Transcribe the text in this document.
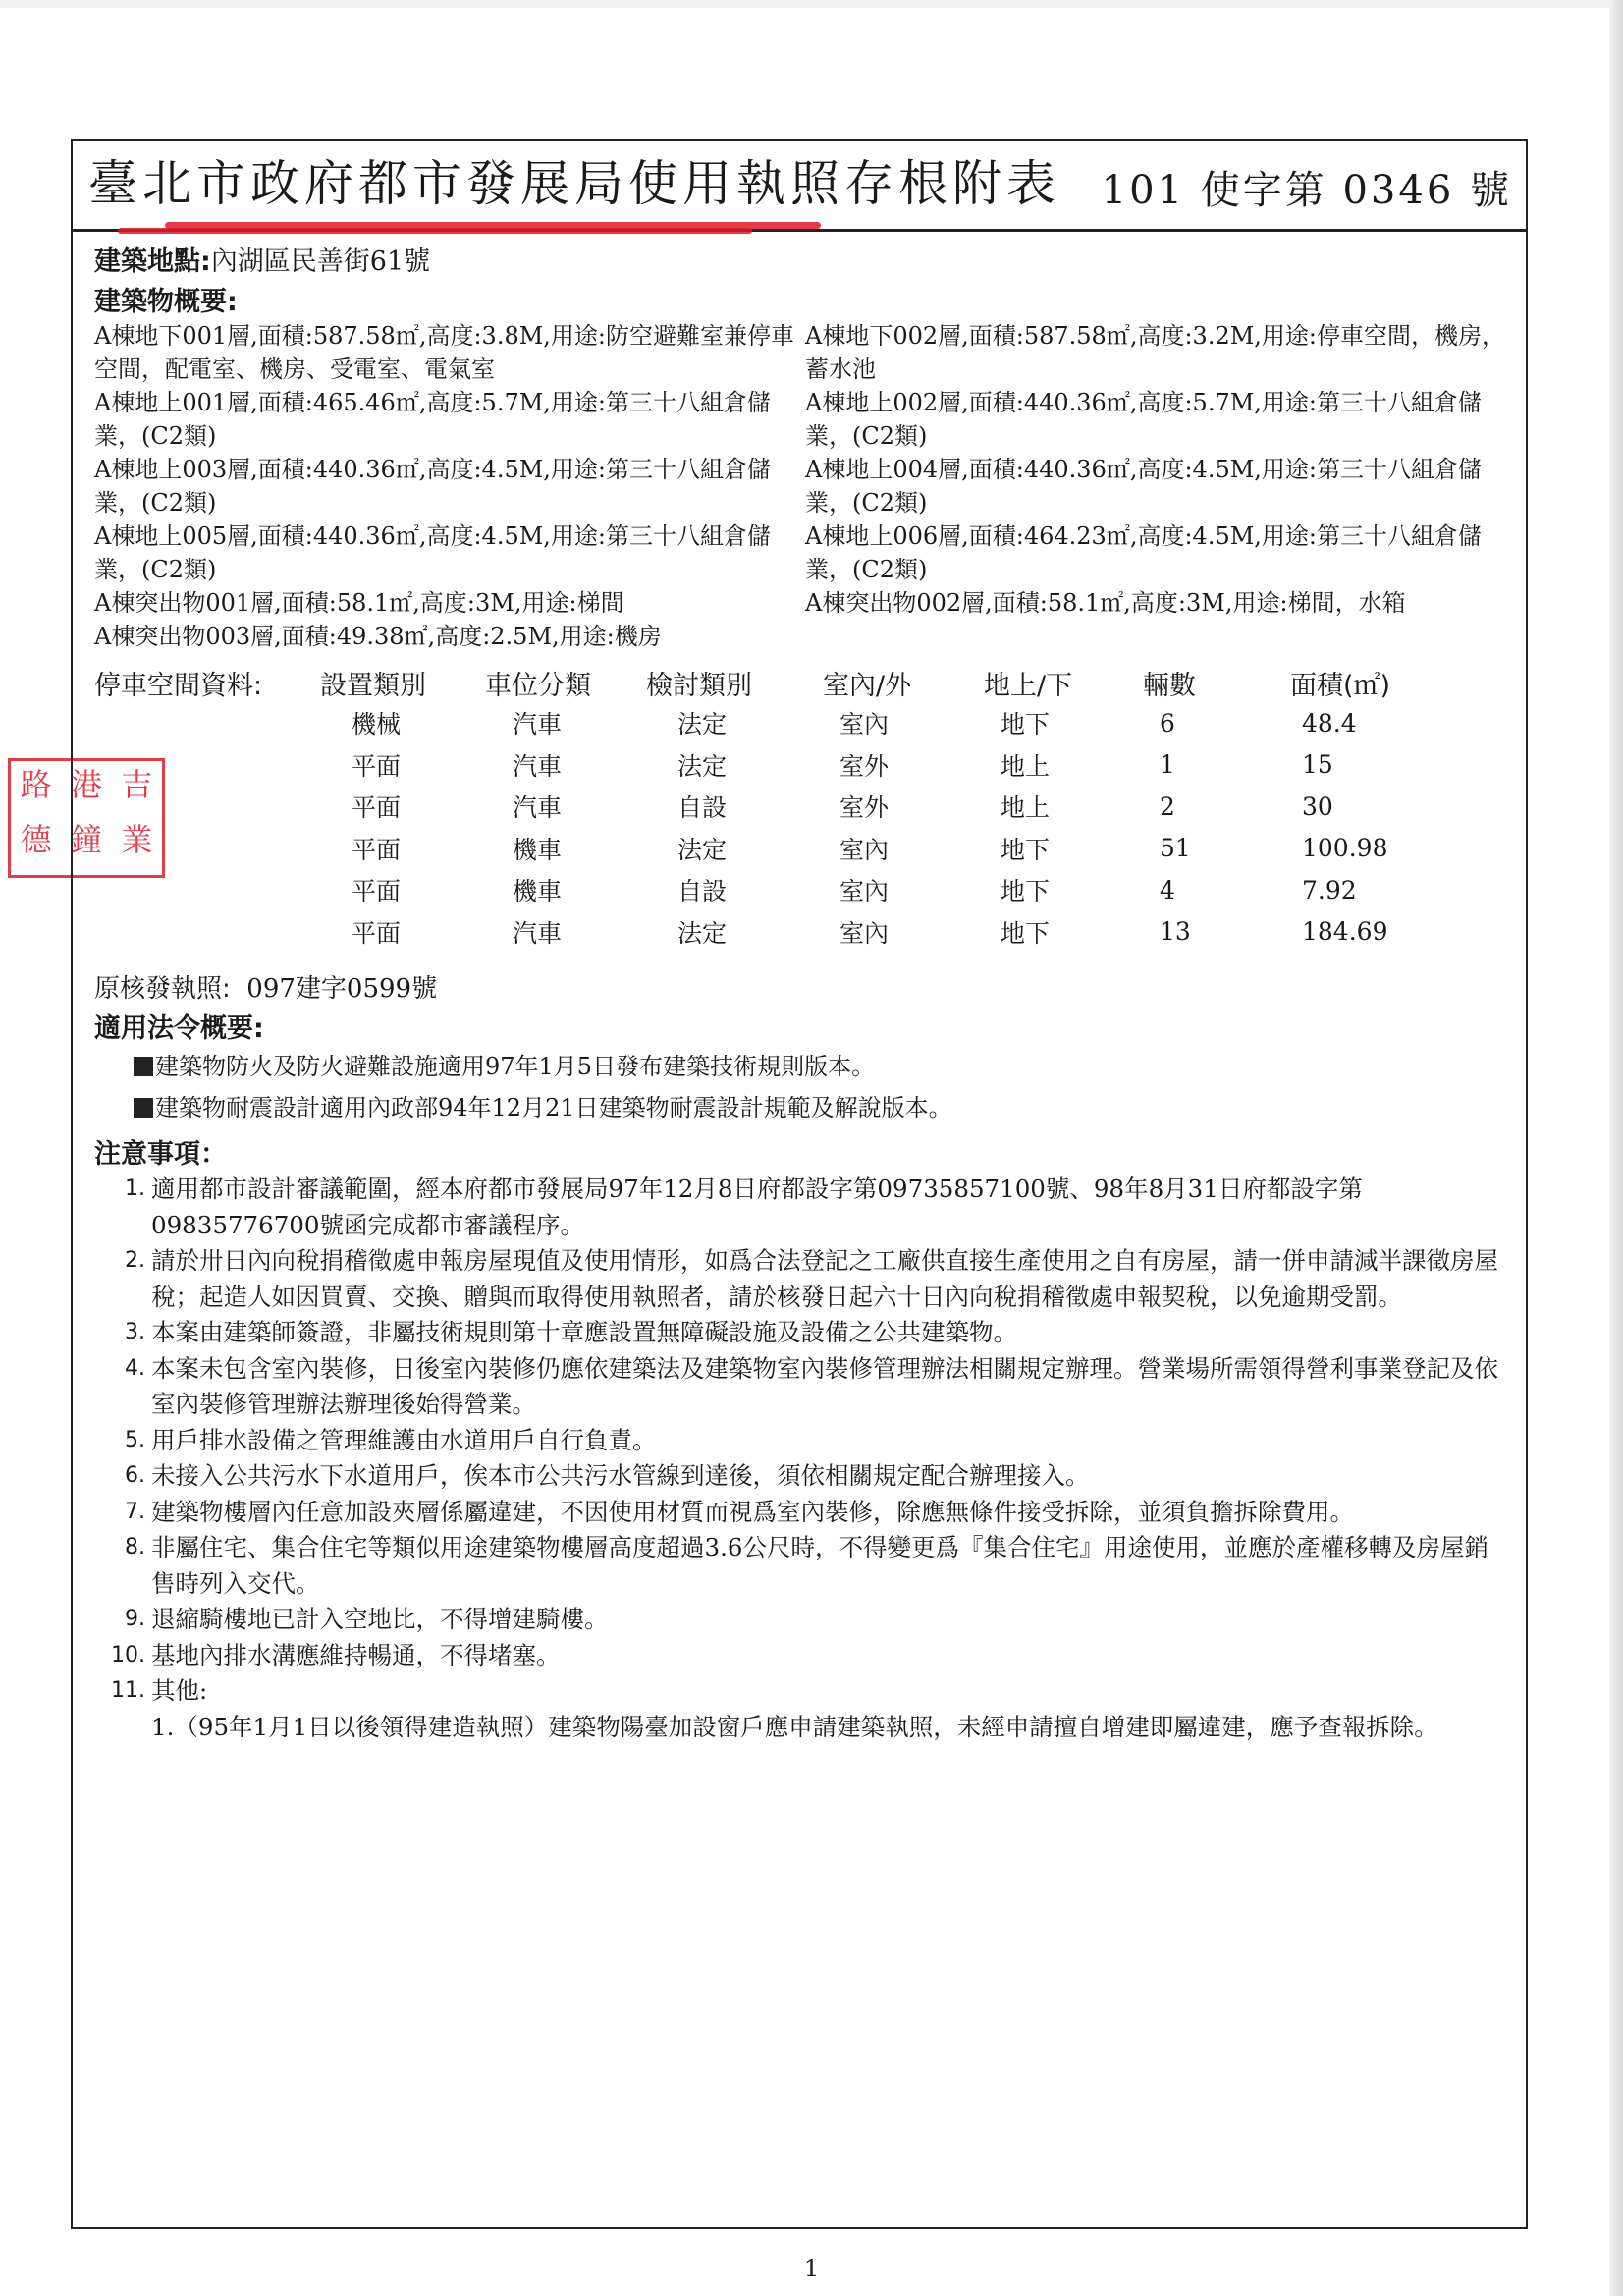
路 港 吉
德 鐘 業
臺北市政府都市發展局使用執照存根附表 101 使字第 0346 號
建築地點:內湖區民善街61號
建築物概要:
A棟地下001層,面積:587.58㎡,高度:3.8M,用途:防空避難室兼停車空間，配電室、機房、受電室、電氣室
A棟地下002層,面積:587.58㎡,高度:3.2M,用途:停車空間，機房，蓄水池
A棟地上001層,面積:465.46㎡,高度:5.7M,用途:第三十八組倉儲業，(C2類)
A棟地上002層,面積:440.36㎡,高度:5.7M,用途:第三十八組倉儲業，(C2類)
A棟地上003層,面積:440.36㎡,高度:4.5M,用途:第三十八組倉儲業，(C2類)
A棟地上004層,面積:440.36㎡,高度:4.5M,用途:第三十八組倉儲業，(C2類)
A棟地上005層,面積:440.36㎡,高度:4.5M,用途:第三十八組倉儲業，(C2類)
A棟地上006層,面積:464.23㎡,高度:4.5M,用途:第三十八組倉儲業，(C2類)
A棟突出物001層,面積:58.1㎡,高度:3M,用途:梯間	A棟突出物002層,面積:58.1㎡,高度:3M,用途:梯間，水箱
A棟突出物003層,面積:49.38㎡,高度:2.5M,用途:機房
停車空間資料:	設置類別	車位分類	檢討類別	室內/外	地上/下	輛數	面積(㎡)
機械	汽車	法定	室內	地下	6	48.4
平面	汽車	法定	室外	地上	1	15
平面	汽車	自設	室外	地上	2	30
平面	機車	法定	室內	地下	51	100.98
平面	機車	自設	室內	地下	4	7.92
平面	汽車	法定	室內	地下	13	184.69
原核發執照: 097建字0599號
適用法令概要:
建築物防火及防火避難設施適用97年1月5日發布建築技術規則版本。
建築物耐震設計適用內政部94年12月21日建築物耐震設計規範及解說版本。
注意事項：
1. 適用都市設計審議範圍，經本府都市發展局97年12月8日府都設字第09735857100號、98年8月31日府都設字第09835776700號函完成都市審議程序。
2. 請於卅日內向稅捐稽徵處申報房屋現值及使用情形，如爲合法登記之工廠供直接生產使用之自有房屋，請一併申請減半課徵房屋稅；起造人如因買賣、交換、贈與而取得使用執照者，請於核發日起六十日內向稅捐稽徵處申報契稅，以免逾期受罰。
3. 本案由建築師簽證，非屬技術規則第十章應設置無障礙設施及設備之公共建築物。
4. 本案未包含室內裝修，日後室內裝修仍應依建築法及建築物室內裝修管理辦法相關規定辦理。營業場所需領得營利事業登記及依室內裝修管理辦法辦理後始得營業。
5. 用戶排水設備之管理維護由水道用戶自行負責。
6. 未接入公共污水下水道用戶，俟本市公共污水管線到達後，須依相關規定配合辦理接入。
7. 建築物樓層內任意加設夾層係屬違建，不因使用材質而視爲室內裝修，除應無條件接受拆除，並須負擔拆除費用。
8. 非屬住宅、集合住宅等類似用途建築物樓層高度超過3.6公尺時，不得變更爲『集合住宅』用途使用，並應於產權移轉及房屋銷售時列入交代。
9. 退縮騎樓地已計入空地比，不得增建騎樓。
10. 基地內排水溝應維持暢通，不得堵塞。
11. 其他:
1.（95年1月1日以後領得建造執照）建築物陽臺加設窗戶應申請建築執照，未經申請擅自增建即屬違建，應予查報拆除。
1
